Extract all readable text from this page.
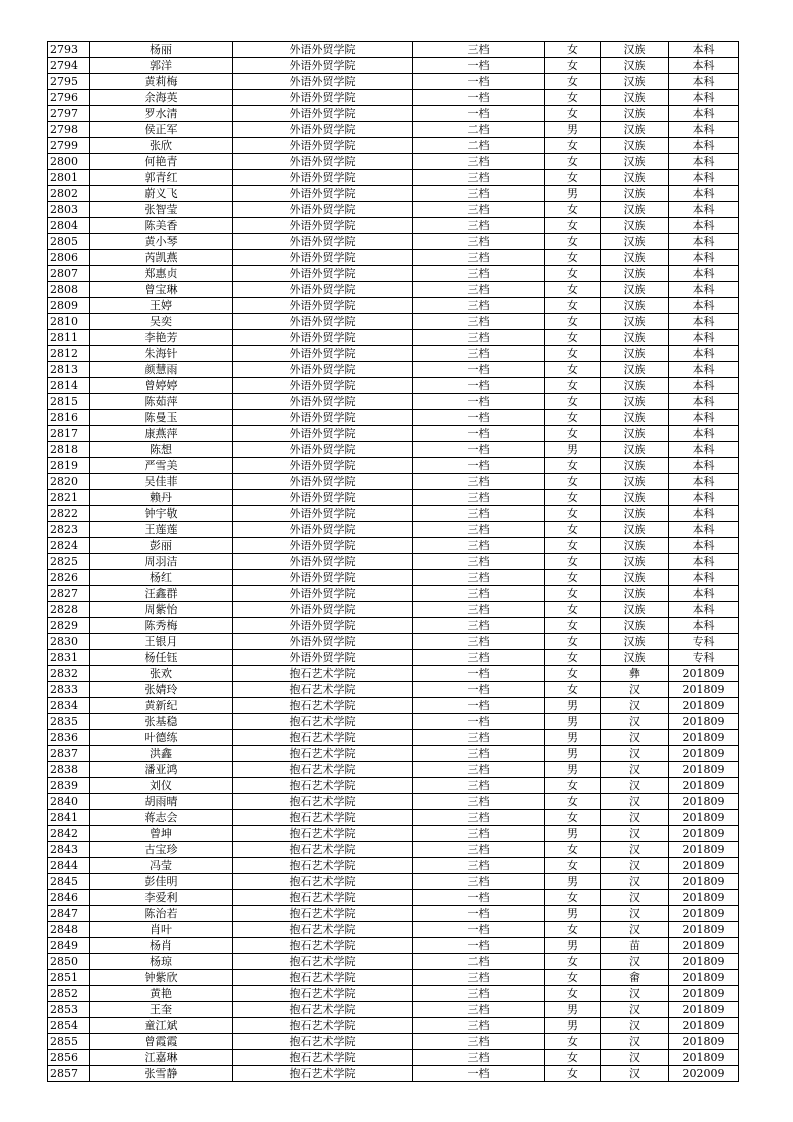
2793	杨丽	外语外贸学院	三档	女	汉族	本科
2794	郭洋	外语外贸学院	一档	女	汉族	本科
2795	黄莉梅	外语外贸学院	一档	女	汉族	本科
2796	余海英	外语外贸学院	一档	女	汉族	本科
2797	罗水清	外语外贸学院	一档	女	汉族	本科
2798	侯正军	外语外贸学院	二档	男	汉族	本科
2799	张欣	外语外贸学院	二档	女	汉族	本科
2800	何艳青	外语外贸学院	三档	女	汉族	本科
2801	郭青红	外语外贸学院	三档	女	汉族	本科
2802	蔚义飞	外语外贸学院	三档	男	汉族	本科
2803	张智莹	外语外贸学院	三档	女	汉族	本科
2804	陈美香	外语外贸学院	三档	女	汉族	本科
2805	黄小琴	外语外贸学院	三档	女	汉族	本科
2806	芮凯燕	外语外贸学院	三档	女	汉族	本科
2807	郑惠贞	外语外贸学院	三档	女	汉族	本科
2808	曾宝琳	外语外贸学院	三档	女	汉族	本科
2809	王婷	外语外贸学院	三档	女	汉族	本科
2810	吴奕	外语外贸学院	三档	女	汉族	本科
2811	李艳芳	外语外贸学院	三档	女	汉族	本科
2812	朱海针	外语外贸学院	三档	女	汉族	本科
2813	颜慧雨	外语外贸学院	一档	女	汉族	本科
2814	曾婷婷	外语外贸学院	一档	女	汉族	本科
2815	陈茹萍	外语外贸学院	一档	女	汉族	本科
2816	陈曼玉	外语外贸学院	一档	女	汉族	本科
2817	康燕萍	外语外贸学院	一档	女	汉族	本科
2818	陈想	外语外贸学院	一档	男	汉族	本科
2819	严雪美	外语外贸学院	一档	女	汉族	本科
2820	吴佳菲	外语外贸学院	三档	女	汉族	本科
2821	赖丹	外语外贸学院	三档	女	汉族	本科
2822	钟宇敬	外语外贸学院	三档	女	汉族	本科
2823	王莲莲	外语外贸学院	三档	女	汉族	本科
2824	彭丽	外语外贸学院	三档	女	汉族	本科
2825	周羽洁	外语外贸学院	三档	女	汉族	本科
2826	杨红	外语外贸学院	三档	女	汉族	本科
2827	汪鑫群	外语外贸学院	三档	女	汉族	本科
2828	周紫怡	外语外贸学院	三档	女	汉族	本科
2829	陈秀梅	外语外贸学院	三档	女	汉族	本科
2830	王银月	外语外贸学院	三档	女	汉族	专科
2831	杨任钰	外语外贸学院	三档	女	汉族	专科
2832	张欢	抱石艺术学院	一档	女	彝	201809
2833	张婧玲	抱石艺术学院	一档	女	汉	201809
2834	黄新纪	抱石艺术学院	一档	男	汉	201809
2835	张基稳	抱石艺术学院	一档	男	汉	201809
2836	叶德练	抱石艺术学院	三档	男	汉	201809
2837	洪鑫	抱石艺术学院	三档	男	汉	201809
2838	潘亚鸿	抱石艺术学院	三档	男	汉	201809
2839	刘仪	抱石艺术学院	三档	女	汉	201809
2840	胡雨晴	抱石艺术学院	三档	女	汉	201809
2841	蒋志会	抱石艺术学院	三档	女	汉	201809
2842	曾坤	抱石艺术学院	三档	男	汉	201809
2843	古宝珍	抱石艺术学院	三档	女	汉	201809
2844	冯莹	抱石艺术学院	三档	女	汉	201809
2845	彭佳明	抱石艺术学院	三档	男	汉	201809
2846	李爱利	抱石艺术学院	一档	女	汉	201809
2847	陈治若	抱石艺术学院	一档	男	汉	201809
2848	肖叶	抱石艺术学院	一档	女	汉	201809
2849	杨肖	抱石艺术学院	一档	男	苗	201809
2850	杨琼	抱石艺术学院	二档	女	汉	201809
2851	钟紫欣	抱石艺术学院	三档	女	畲	201809
2852	黄艳	抱石艺术学院	三档	女	汉	201809
2853	王奎	抱石艺术学院	三档	男	汉	201809
2854	童江斌	抱石艺术学院	三档	男	汉	201809
2855	曾霞霞	抱石艺术学院	三档	女	汉	201809
2856	江嘉琳	抱石艺术学院	三档	女	汉	201809
2857	张雪静	抱石艺术学院	一档	女	汉	202009
